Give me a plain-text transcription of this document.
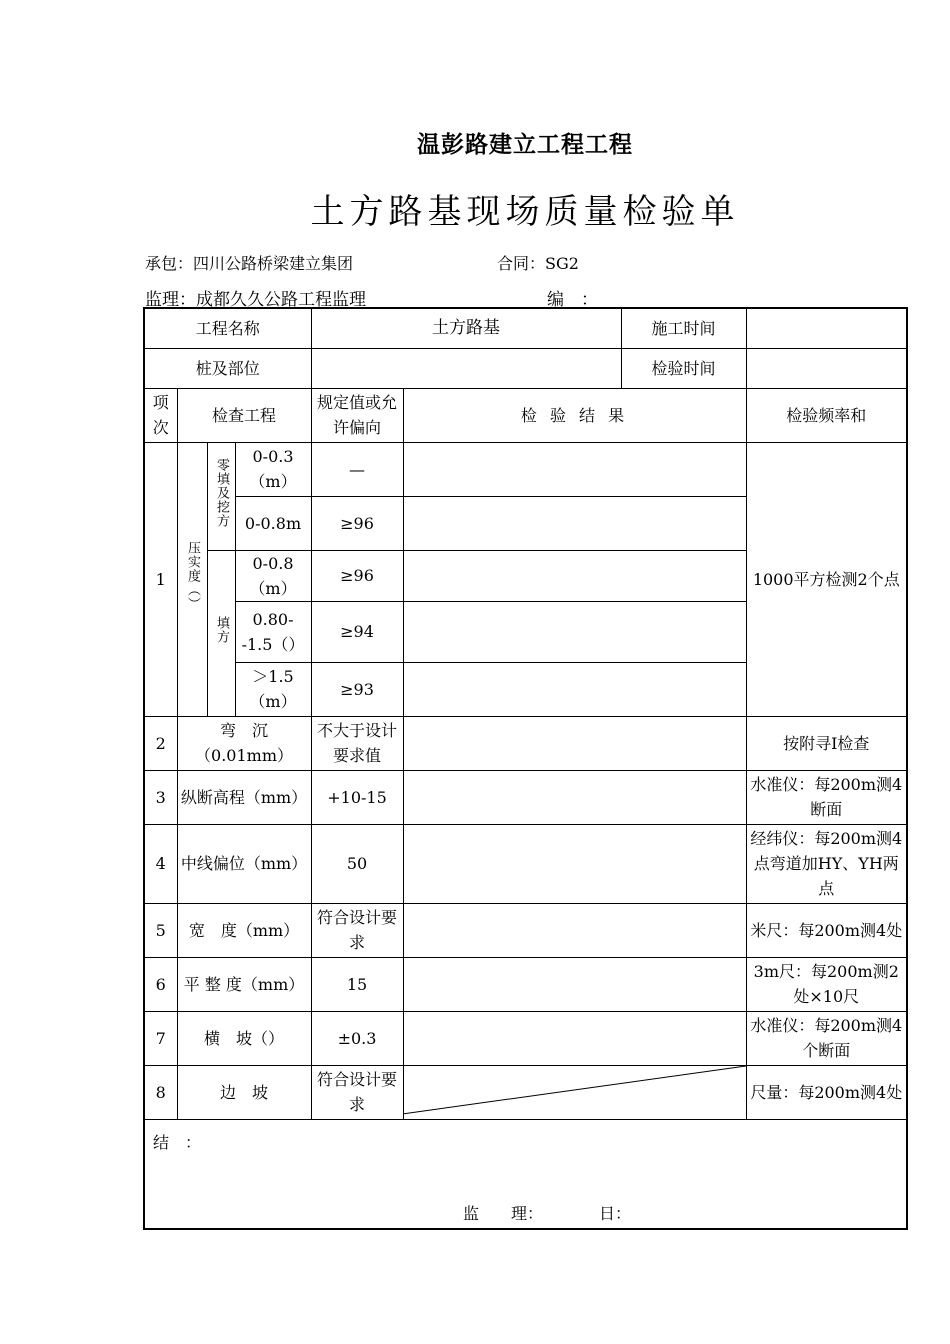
温彭路建立工程工程
土方路基现场质量检验单
承包：四川公路桥梁建立集团	合同：SG2
监理：成都久久公路工程监理	编　：
工程名称				土方路基		施工时间	
桩及部位						检验时间	
项次	检查工程			规定值或允许偏向	检 验 结 果		检验频率和
1	压实度（）	零填及挖方	0-0.3（m）	—			1000平方检测2个点
			0-0.8m	≥96			
		填方	0-0.8（m）	≥96			
			0.80--1.5（）	≥94			
			＞1.5（m）	≥93			
2	弯　沉（0.01mm）			不大于设计要求值			按附寻I检查
3	纵断高程（mm）			+10-15			水准仪：每200m测4断面
4	中线偏位（mm）			50			经纬仪：每200m测4点弯道加HY、YH两点
5	宽　度（mm）			符合设计要求			米尺：每200m测4处
6	平 整 度（mm）			15			3m尺：每200m测2处×10尺
7	横　坡（）			±0.3			水准仪：每200m测4个断面
8	边　坡			符合设计要求			尺量：每200m测4处

结　：
监　　理：　　　　日：							
